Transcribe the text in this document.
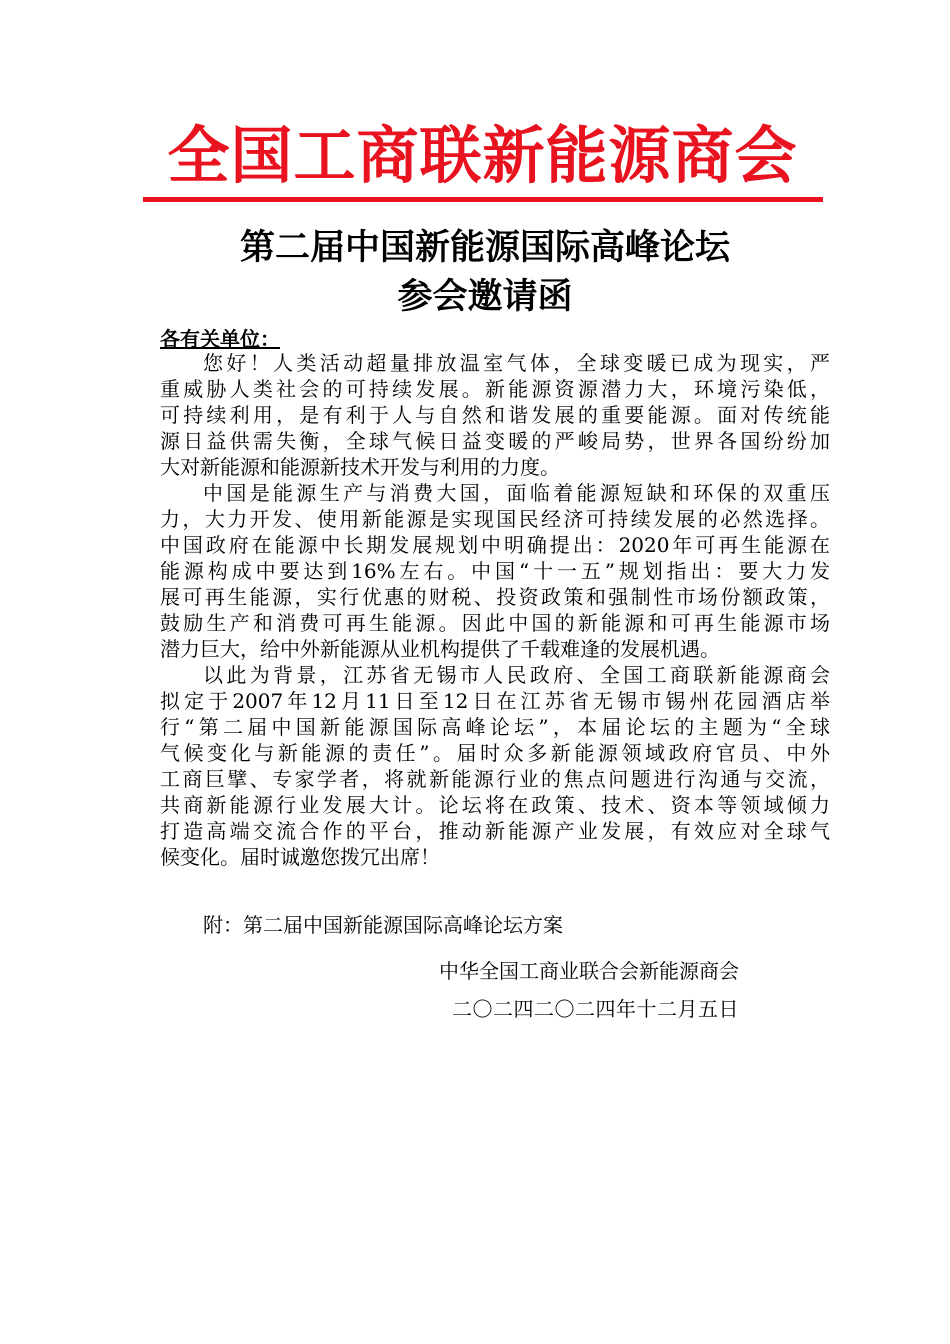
全国工商联新能源商会
第二届中国新能源国际高峰论坛
参会邀请函
各有关单位：
您好！人类活动超量排放温室气体，全球变暖已成为现实，严
重威胁人类社会的可持续发展。新能源资源潜力大，环境污染低，
可持续利用，是有利于人与自然和谐发展的重要能源。面对传统能
源日益供需失衡，全球气候日益变暖的严峻局势，世界各国纷纷加
大对新能源和能源新技术开发与利用的力度。
中国是能源生产与消费大国，面临着能源短缺和环保的双重压
力，大力开发、使用新能源是实现国民经济可持续发展的必然选择。
中国政府在能源中长期发展规划中明确提出：2020年可再生能源在
能源构成中要达到16%左右。中国“十一五”规划指出：要大力发
展可再生能源，实行优惠的财税、投资政策和强制性市场份额政策，
鼓励生产和消费可再生能源。因此中国的新能源和可再生能源市场
潜力巨大，给中外新能源从业机构提供了千载难逢的发展机遇。
以此为背景，江苏省无锡市人民政府、全国工商联新能源商会
拟定于2007年12月11日至12日在江苏省无锡市锡州花园酒店举
行“第二届中国新能源国际高峰论坛”，本届论坛的主题为“全球
气候变化与新能源的责任”。届时众多新能源领域政府官员、中外
工商巨擘、专家学者，将就新能源行业的焦点问题进行沟通与交流，
共商新能源行业发展大计。论坛将在政策、技术、资本等领域倾力
打造高端交流合作的平台，推动新能源产业发展，有效应对全球气
候变化。届时诚邀您拨冗出席！
附：第二届中国新能源国际高峰论坛方案
中华全国工商业联合会新能源商会
二〇二四二〇二四年十二月五日
